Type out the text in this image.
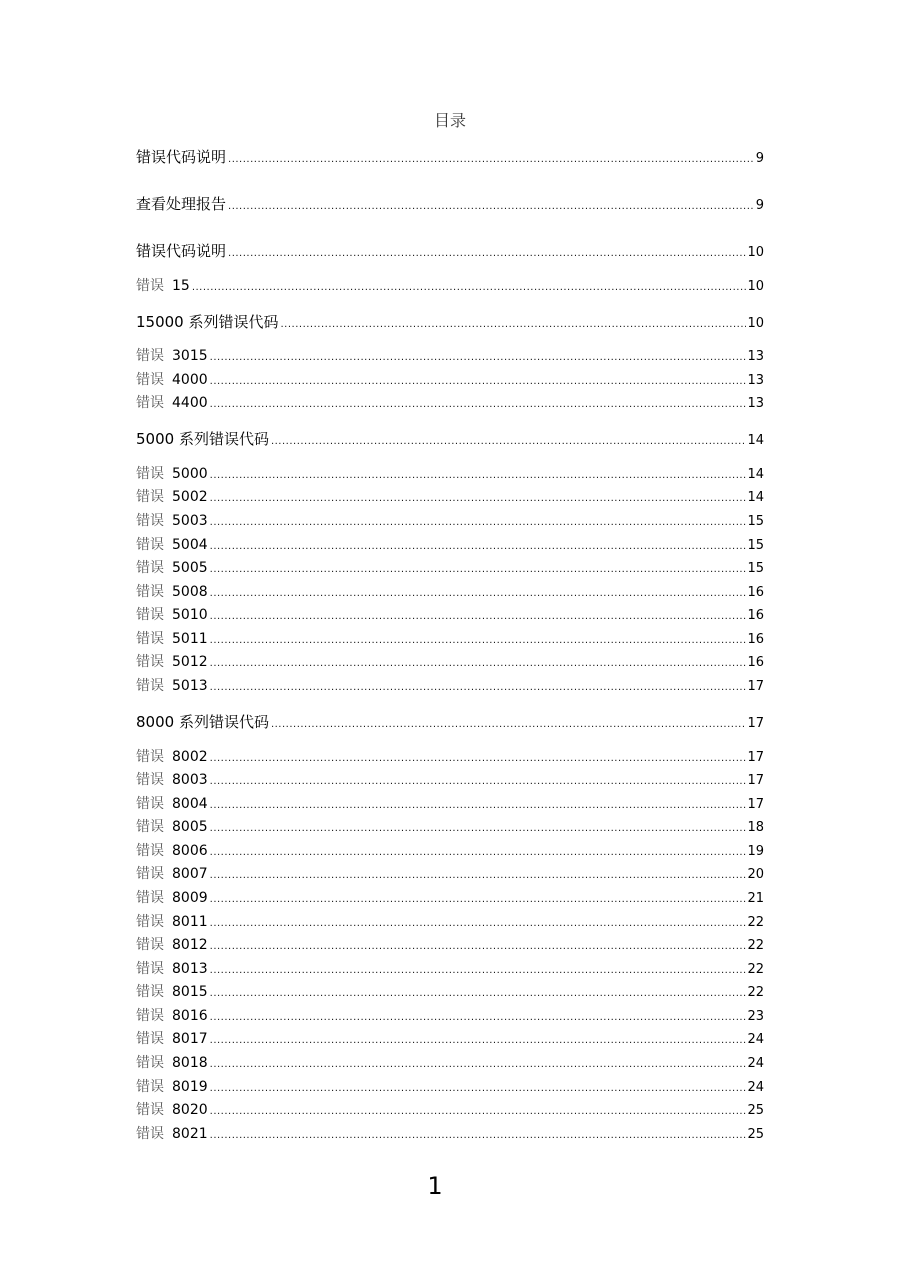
目录
错误代码说明 .....	9
查看处理报告 .....	9
错误代码说明 .....	10
错误 15 .....	10
15000 系列错误代码 .....	10
错误 3015 .....	13
错误 4000 .....	13
错误 4400 .....	13
5000 系列错误代码 .....	14
错误 5000 .....	14
错误 5002 .....	14
错误 5003 .....	15
错误 5004 .....	15
错误 5005 .....	15
错误 5008 .....	16
错误 5010 .....	16
错误 5011 .....	16
错误 5012 .....	16
错误 5013 .....	17
8000 系列错误代码 .....	17
错误 8002 .....	17
错误 8003 .....	17
错误 8004 .....	17
错误 8005 .....	18
错误 8006 .....	19
错误 8007 .....	20
错误 8009 .....	21
错误 8011 .....	22
错误 8012 .....	22
错误 8013 .....	22
错误 8015 .....	22
错误 8016 .....	23
错误 8017 .....	24
错误 8018 .....	24
错误 8019 .....	24
错误 8020 .....	25
错误 8021 .....	25
1
